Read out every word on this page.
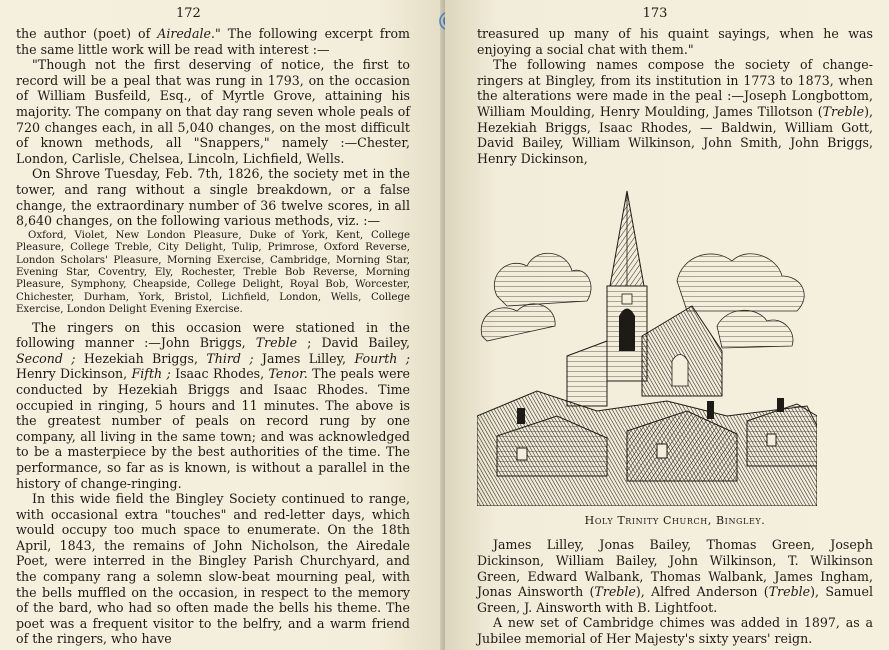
172

the author (poet) of Airedale." The following excerpt from the same little work will be read with interest :—

"Though not the first deserving of notice, the first to record will be a peal that was rung in 1793, on the occasion of William Busfeild, Esq., of Myrtle Grove, attaining his majority. The company on that day rang seven whole peals of 720 changes each, in all 5,040 changes, on the most difficult of known methods, all "Snappers," namely :—Chester, London, Carlisle, Chelsea, Lincoln, Lichfield, Wells.

On Shrove Tuesday, Feb. 7th, 1826, the society met in the tower, and rang without a single breakdown, or a false change, the extraordinary number of 36 twelve scores, in all 8,640 changes, on the following various methods, viz. :—

Oxford, Violet, New London Pleasure, Duke of York, Kent, College Pleasure, College Treble, City Delight, Tulip, Primrose, Oxford Reverse, London Scholars' Pleasure, Morning Exercise, Cambridge, Morning Star, Evening Star, Coventry, Ely, Rochester, Treble Bob Reverse, Morning Pleasure, Symphony, Cheapside, College Delight, Royal Bob, Worcester, Chichester, Durham, York, Bristol, Lichfield, London, Wells, College Exercise, London Delight Evening Exercise.

The ringers on this occasion were stationed in the following manner :—John Briggs, Treble ; David Bailey, Second ; Hezekiah Briggs, Third ; James Lilley, Fourth ; Henry Dickinson, Fifth ; Isaac Rhodes, Tenor. The peals were conducted by Hezekiah Briggs and Isaac Rhodes. Time occupied in ringing, 5 hours and 11 minutes. The above is the greatest number of peals on record rung by one company, all living in the same town; and was acknowledged to be a masterpiece by the best authorities of the time. The performance, so far as is known, is without a parallel in the history of change-ringing.

In this wide field the Bingley Society continued to range, with occasional extra "touches" and red-letter days, which would occupy too much space to enumerate. On the 18th April, 1843, the remains of John Nicholson, the Airedale Poet, were interred in the Bingley Parish Churchyard, and the company rang a solemn slow-beat mourning peal, with the bells muffled on the occasion, in respect to the memory of the bard, who had so often made the bells his theme. The poet was a frequent visitor to the belfry, and a warm friend of the ringers, who have

173

treasured up many of his quaint sayings, when he was enjoying a social chat with them."

The following names compose the society of change-ringers at Bingley, from its institution in 1773 to 1873, when the alterations were made in the peal :—Joseph Longbottom, William Moulding, Henry Moulding, James Tillotson (Treble), Hezekiah Briggs, Isaac Rhodes, — Baldwin, William Gott, David Bailey, William Wilkinson, John Smith, John Briggs, Henry Dickinson,

Holy Trinity Church, Bingley.

James Lilley, Jonas Bailey, Thomas Green, Joseph Dickinson, William Bailey, John Wilkinson, T. Wilkinson Green, Edward Walbank, Thomas Walbank, James Ingham, Jonas Ainsworth (Treble), Alfred Anderson (Treble), Samuel Green, J. Ainsworth with B. Lightfoot.

A new set of Cambridge chimes was added in 1897, as a Jubilee memorial of Her Majesty's sixty years' reign.
